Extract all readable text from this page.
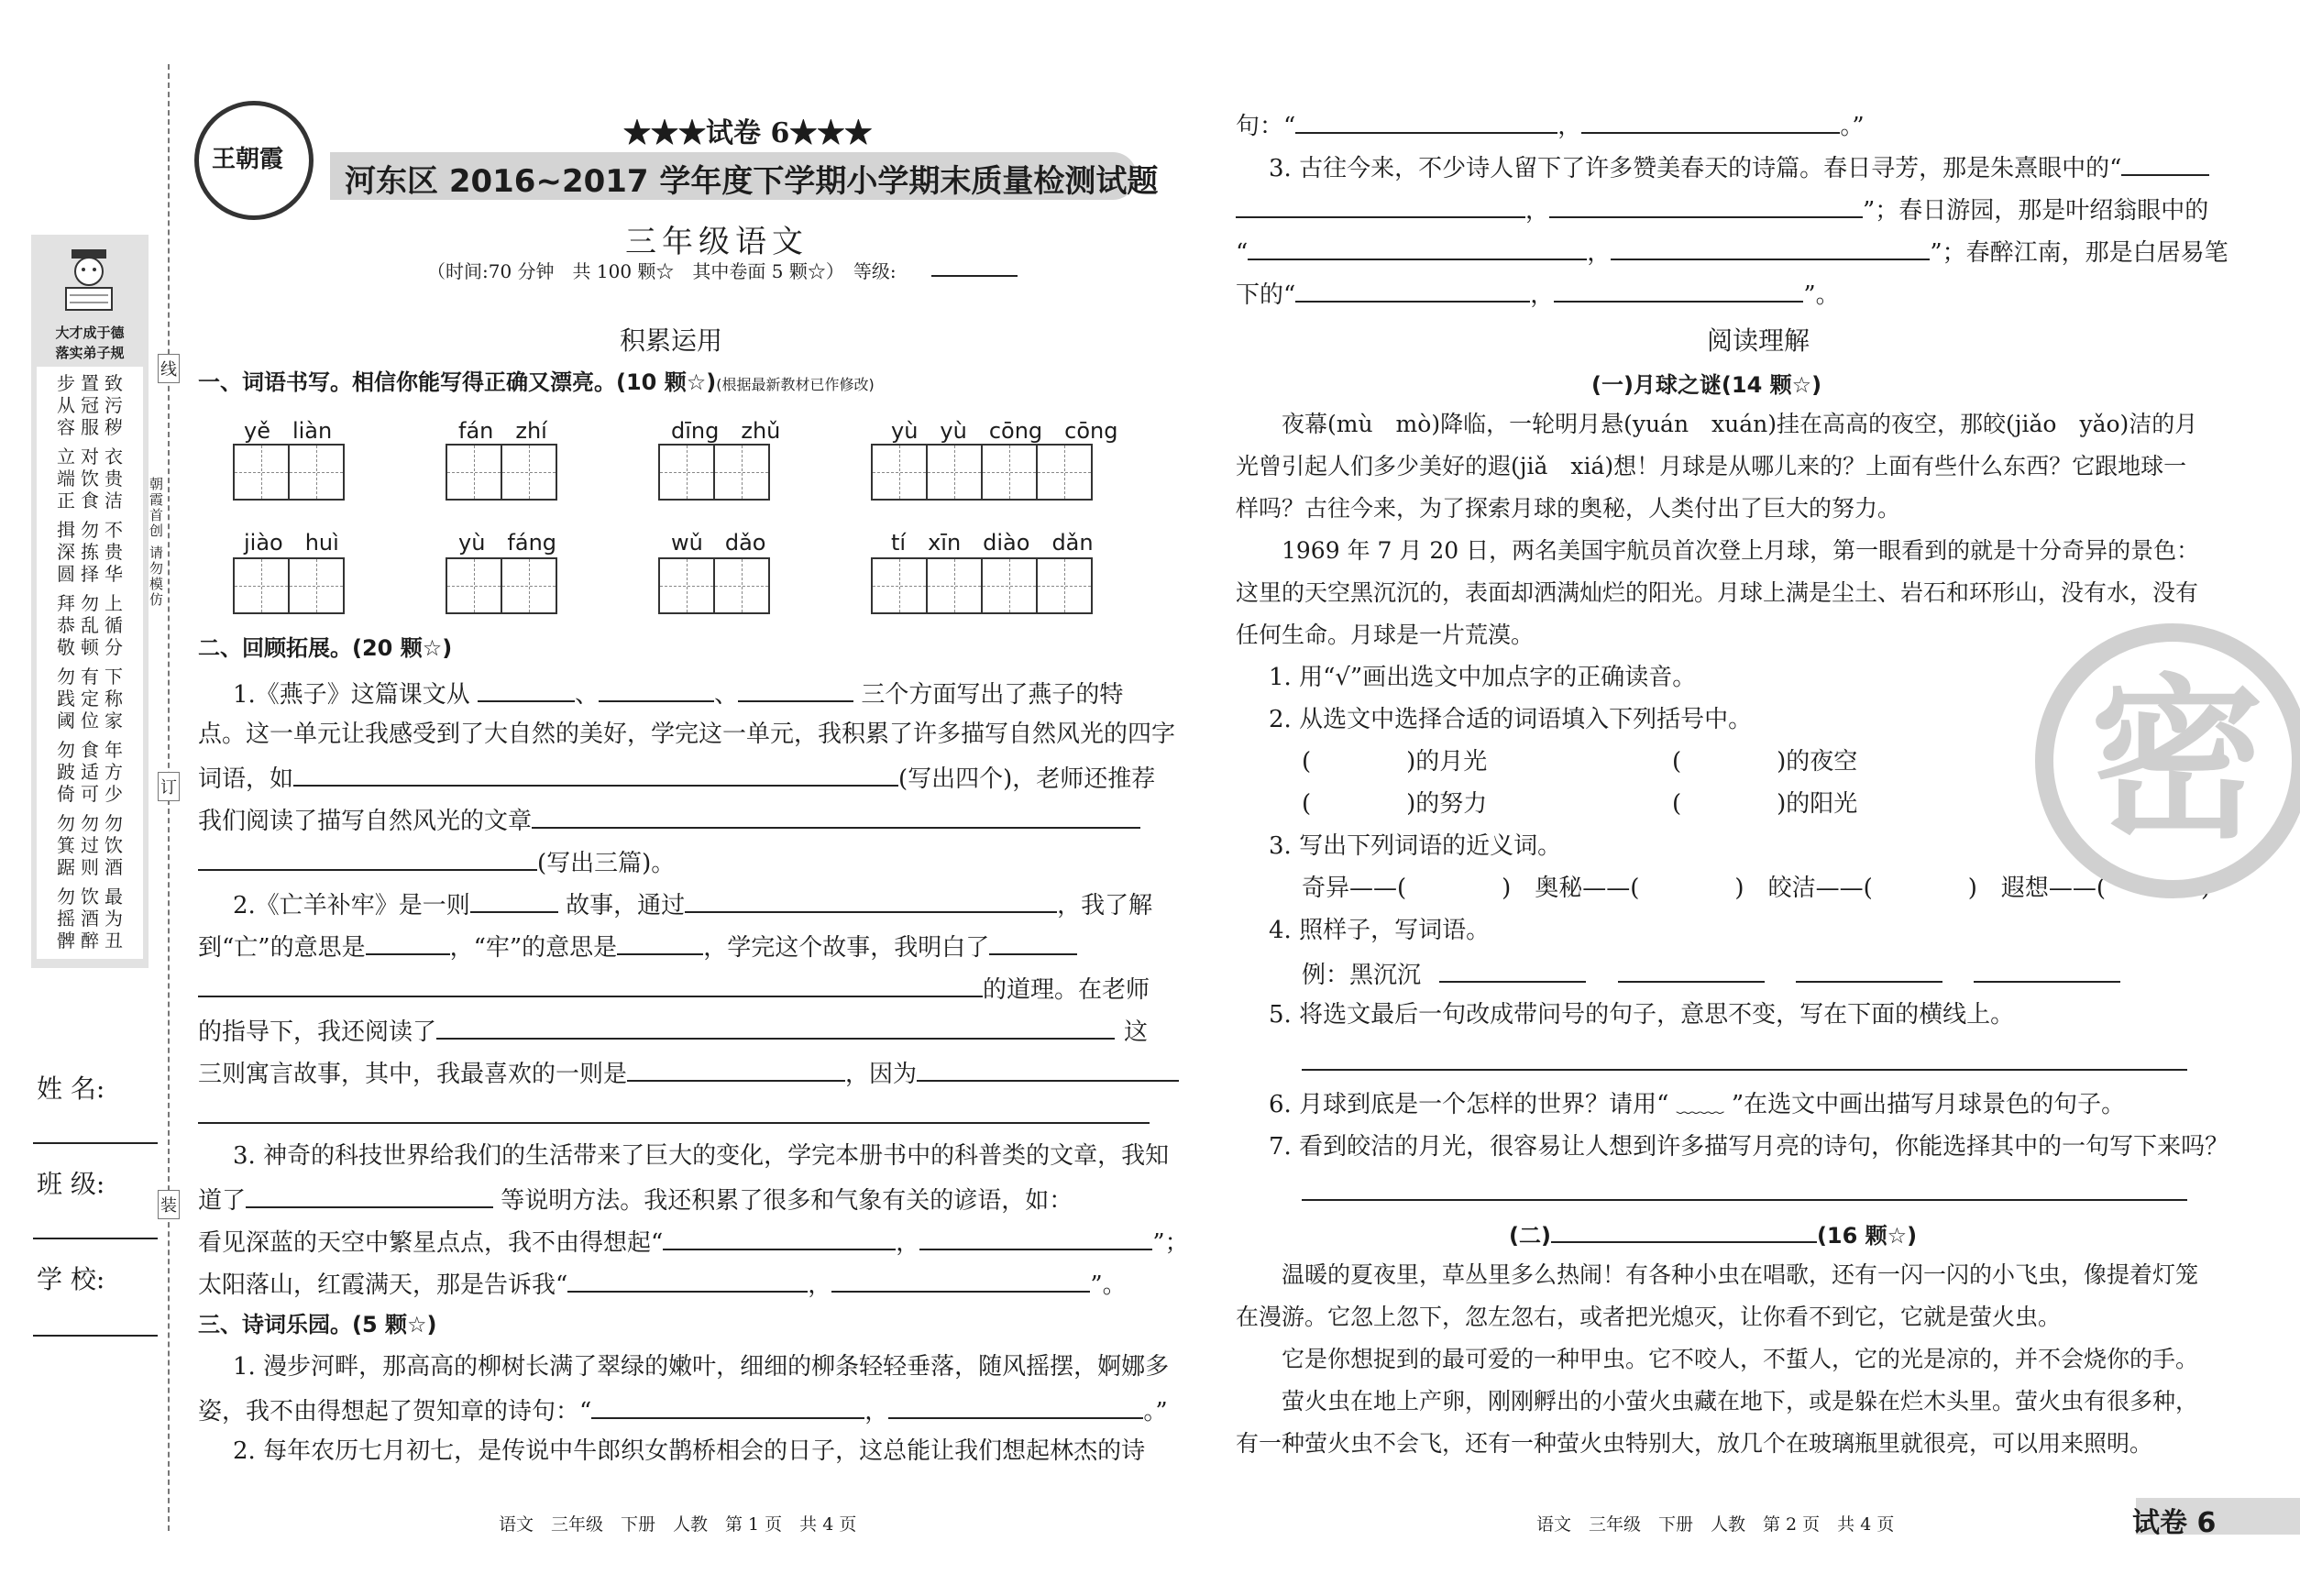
大才成于德
落实弟子规
步从容
立端正
揖深圆
拜恭敬
勿践阈
勿跛倚
勿箕踞
勿摇髀
置冠服
对饮食
勿拣择
勿乱顿
致污秽
衣贵洁
不贵华
上循分
下称家
有定位
食适可
勿过则
年方少
勿饮酒
饮酒醉
最为丑
线
订
装
朝霞首创 请勿模仿
姓 名:
班 级:
学 校:
王朝霞
★★★试卷 6★★★
河东区 2016~2017 学年度下学期小学期末质量检测试题
三年级语文
（时间:70 分钟　共 100 颗☆　其中卷面 5 颗☆）　等级:
积累运用
一、词语书写。相信你能写得正确又漂亮。(10 颗☆)(根据最新教材已作修改)
yě　liàn	fán　zhí	dīng　zhǔ	yù　yù　cōng　cōng
jiào　huì	yù　fáng	wǔ　dǎo	tí　xīn　diào　dǎn
二、回顾拓展。(20 颗☆)
1.《燕子》这篇课文从	、	、	三个方面写出了燕子的特
点。这一单元让我感受到了大自然的美好，学完这一单元，我积累了许多描写自然风光的四字
词语，如	(写出四个)，老师还推荐
我们阅读了描写自然风光的文章
(写出三篇)。
2.《亡羊补牢》是一则	故事，通过	，我了解
到“亡”的意思是	，“牢”的意思是	，学完这个故事，我明白了
的道理。在老师
的指导下，我还阅读了	这
三则寓言故事，其中，我最喜欢的一则是	，因为
3. 神奇的科技世界给我们的生活带来了巨大的变化，学完本册书中的科普类的文章，我知
道了	等说明方法。我还积累了很多和气象有关的谚语，如：
看见深蓝的天空中繁星点点，我不由得想起“	，	”；
太阳落山，红霞满天，那是告诉我“	，	”。
三、诗词乐园。(5 颗☆)
1. 漫步河畔，那高高的柳树长满了翠绿的嫩叶，细细的柳条轻轻垂落，随风摇摆，婀娜多
姿，我不由得想起了贺知章的诗句：“	，	。”
2. 每年农历七月初七，是传说中牛郎织女鹊桥相会的日子，这总能让我们想起林杰的诗
语文　三年级　下册　人教　第 1 页　共 4 页
句：“	，	。”
3. 古往今来，不少诗人留下了许多赞美春天的诗篇。春日寻芳，那是朱熹眼中的“
，	”；春日游园，那是叶绍翁眼中的
“	，	”；春醉江南，那是白居易笔
下的“	，	”。
阅读理解
(一)月球之谜(14 颗☆)
夜幕(mù　mò)降临，一轮明月悬(yuán　xuán)挂在高高的夜空，那皎(jiǎo　yǎo)洁的月
光曾引起人们多少美好的遐(jiǎ　xiá)想！月球是从哪儿来的？上面有些什么东西？它跟地球一
样吗？古往今来，为了探索月球的奥秘，人类付出了巨大的努力。
1969 年 7 月 20 日，两名美国宇航员首次登上月球，第一眼看到的就是十分奇异的景色：
这里的天空黑沉沉的，表面却洒满灿烂的阳光。月球上满是尘土、岩石和环形山，没有水，没有
任何生命。月球是一片荒漠。
1. 用“√”画出选文中加点字的正确读音。
2. 从选文中选择合适的词语填入下列括号中。
(　　　　)的月光	(　　　　)的夜空
(　　　　)的努力	(　　　　)的阳光
3. 写出下列词语的近义词。
奇异——(　　　　)　奥秘——(　　　　)　皎洁——(　　　　)　遐想——(　　　　)
4. 照样子，写词语。
例：黑沉沉
5. 将选文最后一句改成带问号的句子，意思不变，写在下面的横线上。
6. 月球到底是一个怎样的世界？请用“ ﹏﹏ ”在选文中画出描写月球景色的句子。
7. 看到皎洁的月光，很容易让人想到许多描写月亮的诗句，你能选择其中的一句写下来吗？
(二)	(16 颗☆)
温暖的夏夜里，草丛里多么热闹！有各种小虫在唱歌，还有一闪一闪的小飞虫，像提着灯笼
在漫游。它忽上忽下，忽左忽右，或者把光熄灭，让你看不到它，它就是萤火虫。
它是你想捉到的最可爱的一种甲虫。它不咬人，不蜇人，它的光是凉的，并不会烧你的手。
萤火虫在地上产卵，刚刚孵出的小萤火虫藏在地下，或是躲在烂木头里。萤火虫有很多种，
有一种萤火虫不会飞，还有一种萤火虫特别大，放几个在玻璃瓶里就很亮，可以用来照明。
密
语文　三年级　下册　人教　第 2 页　共 4 页	试卷 6
